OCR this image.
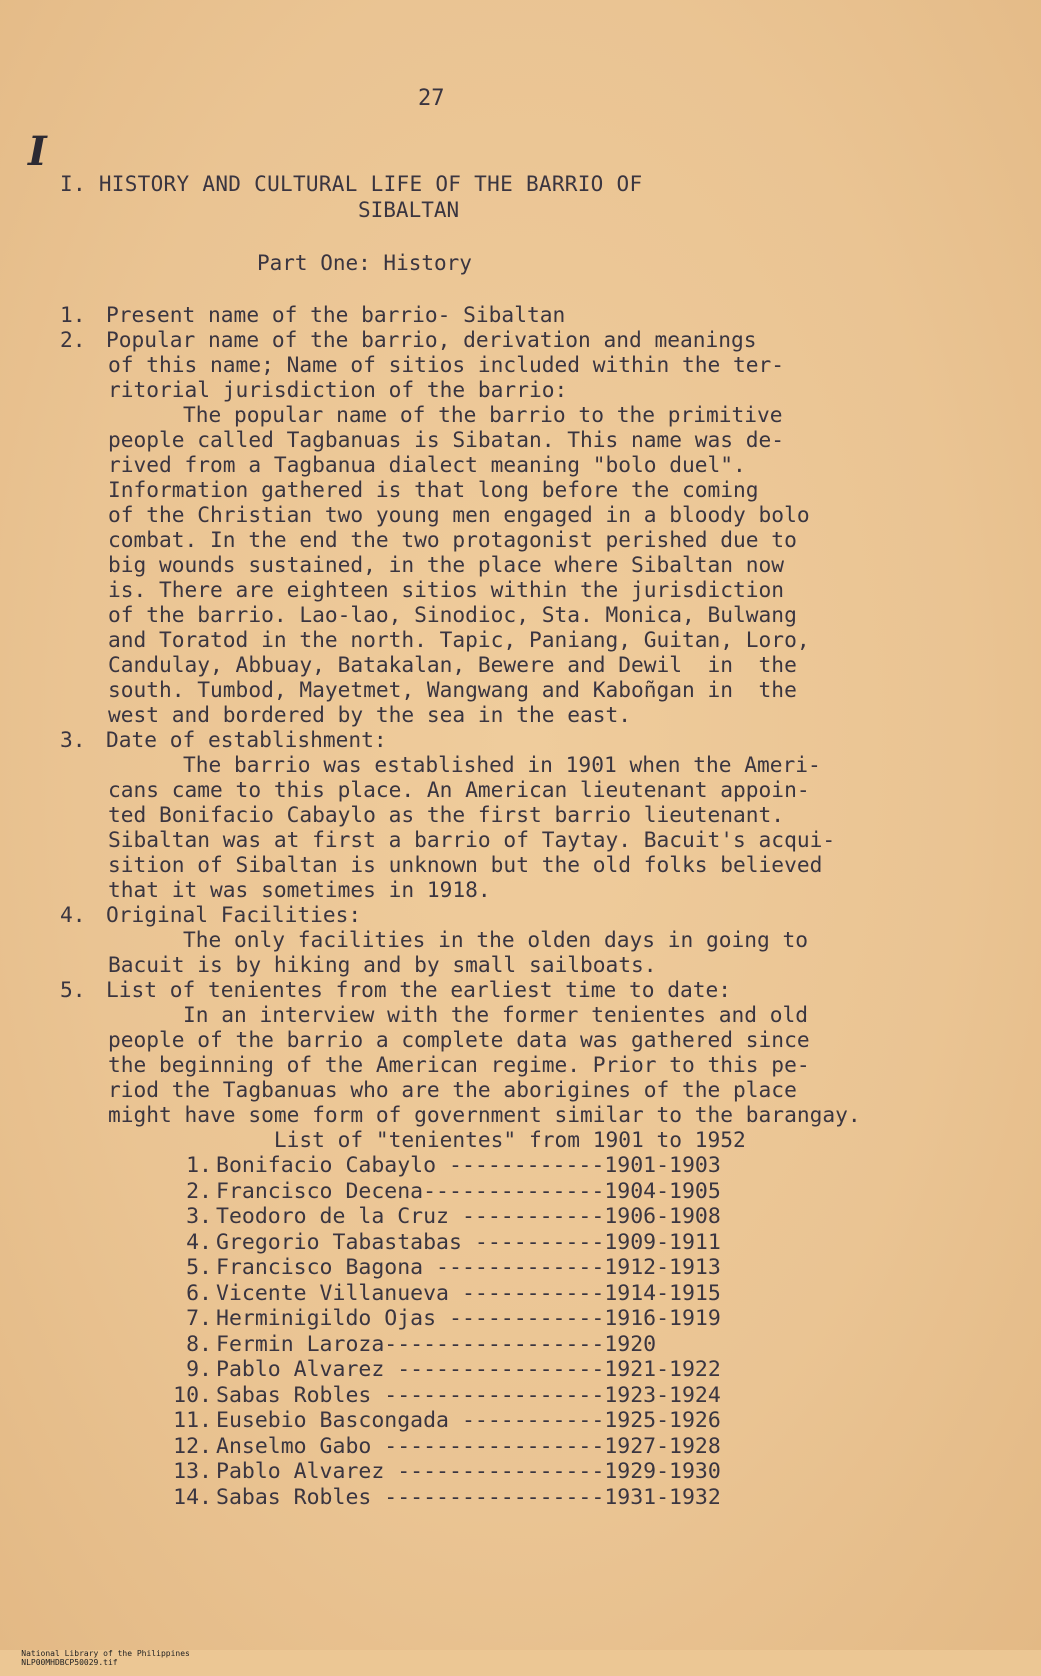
27
I
I. HISTORY AND CULTURAL LIFE OF THE BARRIO OF
SIBALTAN
Part One: History
1. Present name of the barrio- Sibaltan
2. Popular name of the barrio, derivation and meanings
of this name; Name of sitios included within the ter-
ritorial jurisdiction of the barrio:
The popular name of the barrio to the primitive
people called Tagbanuas is Sibatan. This name was de-
rived from a Tagbanua dialect meaning "bolo duel".
Information gathered is that long before the coming
of the Christian two young men engaged in a bloody bolo
combat. In the end the two protagonist perished due to
big wounds sustained, in the place where Sibaltan now
is. There are eighteen sitios within the jurisdiction
of the barrio. Lao-lao, Sinodioc, Sta. Monica, Bulwang
and Toratod in the north. Tapic, Paniang, Guitan, Loro,
Candulay, Abbuay, Batakalan, Bewere and Dewil  in  the
south. Tumbod, Mayetmet, Wangwang and Kaboñgan in  the
west and bordered by the sea in the east.
3. Date of establishment:
The barrio was established in 1901 when the Ameri-
cans came to this place. An American lieutenant appoin-
ted Bonifacio Cabaylo as the first barrio lieutenant.
Sibaltan was at first a barrio of Taytay. Bacuit's acqui-
sition of Sibaltan is unknown but the old folks believed
that it was sometimes in 1918.
4. Original Facilities:
The only facilities in the olden days in going to
Bacuit is by hiking and by small sailboats.
5. List of tenientes from the earliest time to date:
In an interview with the former tenientes and old
people of the barrio a complete data was gathered since
the beginning of the American regime. Prior to this pe-
riod the Tagbanuas who are the aborigines of the place
might have some form of government similar to the barangay.
List of "tenientes" from 1901 to 1952
1. Bonifacio Cabaylo ------------1901-1903
2. Francisco Decena--------------1904-1905
3. Teodoro de la Cruz -----------1906-1908
4. Gregorio Tabastabas ----------1909-1911
5. Francisco Bagona -------------1912-1913
6. Vicente Villanueva -----------1914-1915
7. Herminigildo Ojas ------------1916-1919
8. Fermin Laroza-----------------1920
9. Pablo Alvarez ----------------1921-1922
10. Sabas Robles -----------------1923-1924
11. Eusebio Bascongada -----------1925-1926
12. Anselmo Gabo -----------------1927-1928
13. Pablo Alvarez ----------------1929-1930
14. Sabas Robles -----------------1931-1932

National Library of the Philippines
NLP00MHDBCP50029.tif
